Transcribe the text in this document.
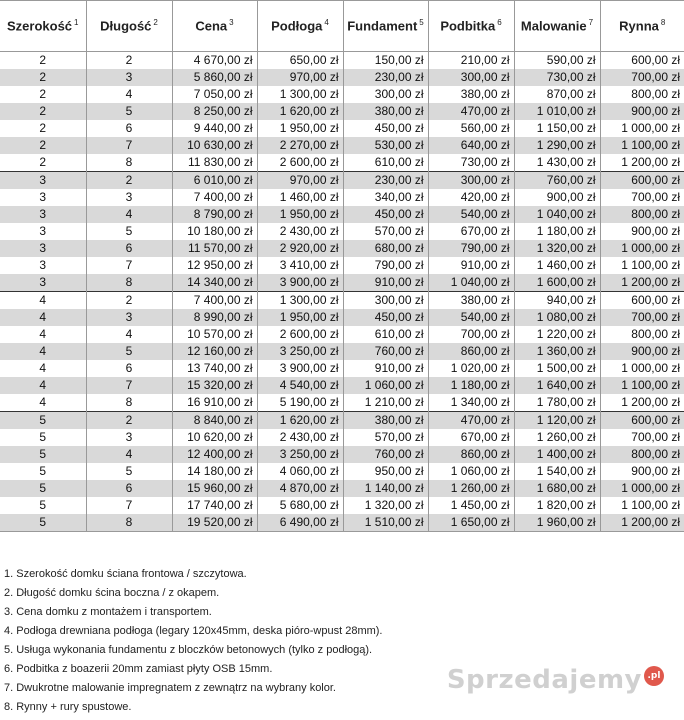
Szerokość $^1$	Długość $^2$	Cena $^3$	Podłoga $^4$	Fundament $^5$	Podbitka $^6$	Malowanie $^7$	Rynna $^8$
2	2	4 670,00 zł	650,00 zł	150,00 zł	210,00 zł	590,00 zł	600,00 zł
2	3	5 860,00 zł	970,00 zł	230,00 zł	300,00 zł	730,00 zł	700,00 zł
2	4	7 050,00 zł	1 300,00 zł	300,00 zł	380,00 zł	870,00 zł	800,00 zł
2	5	8 250,00 zł	1 620,00 zł	380,00 zł	470,00 zł	1 010,00 zł	900,00 zł
2	6	9 440,00 zł	1 950,00 zł	450,00 zł	560,00 zł	1 150,00 zł	1 000,00 zł
2	7	10 630,00 zł	2 270,00 zł	530,00 zł	640,00 zł	1 290,00 zł	1 100,00 zł
2	8	11 830,00 zł	2 600,00 zł	610,00 zł	730,00 zł	1 430,00 zł	1 200,00 zł
3	2	6 010,00 zł	970,00 zł	230,00 zł	300,00 zł	760,00 zł	600,00 zł
3	3	7 400,00 zł	1 460,00 zł	340,00 zł	420,00 zł	900,00 zł	700,00 zł
3	4	8 790,00 zł	1 950,00 zł	450,00 zł	540,00 zł	1 040,00 zł	800,00 zł
3	5	10 180,00 zł	2 430,00 zł	570,00 zł	670,00 zł	1 180,00 zł	900,00 zł
3	6	11 570,00 zł	2 920,00 zł	680,00 zł	790,00 zł	1 320,00 zł	1 000,00 zł
3	7	12 950,00 zł	3 410,00 zł	790,00 zł	910,00 zł	1 460,00 zł	1 100,00 zł
3	8	14 340,00 zł	3 900,00 zł	910,00 zł	1 040,00 zł	1 600,00 zł	1 200,00 zł
4	2	7 400,00 zł	1 300,00 zł	300,00 zł	380,00 zł	940,00 zł	600,00 zł
4	3	8 990,00 zł	1 950,00 zł	450,00 zł	540,00 zł	1 080,00 zł	700,00 zł
4	4	10 570,00 zł	2 600,00 zł	610,00 zł	700,00 zł	1 220,00 zł	800,00 zł
4	5	12 160,00 zł	3 250,00 zł	760,00 zł	860,00 zł	1 360,00 zł	900,00 zł
4	6	13 740,00 zł	3 900,00 zł	910,00 zł	1 020,00 zł	1 500,00 zł	1 000,00 zł
4	7	15 320,00 zł	4 540,00 zł	1 060,00 zł	1 180,00 zł	1 640,00 zł	1 100,00 zł
4	8	16 910,00 zł	5 190,00 zł	1 210,00 zł	1 340,00 zł	1 780,00 zł	1 200,00 zł
5	2	8 840,00 zł	1 620,00 zł	380,00 zł	470,00 zł	1 120,00 zł	600,00 zł
5	3	10 620,00 zł	2 430,00 zł	570,00 zł	670,00 zł	1 260,00 zł	700,00 zł
5	4	12 400,00 zł	3 250,00 zł	760,00 zł	860,00 zł	1 400,00 zł	800,00 zł
5	5	14 180,00 zł	4 060,00 zł	950,00 zł	1 060,00 zł	1 540,00 zł	900,00 zł
5	6	15 960,00 zł	4 870,00 zł	1 140,00 zł	1 260,00 zł	1 680,00 zł	1 000,00 zł
5	7	17 740,00 zł	5 680,00 zł	1 320,00 zł	1 450,00 zł	1 820,00 zł	1 100,00 zł
5	8	19 520,00 zł	6 490,00 zł	1 510,00 zł	1 650,00 zł	1 960,00 zł	1 200,00 zł
1. Szerokość domku ściana frontowa / szczytowa.
2. Długość domku ścina boczna / z okapem.
3. Cena domku z montażem i transportem.
4. Podłoga drewniana podłoga (legary 120x45mm, deska pióro-wpust 28mm).
5. Usługa wykonania fundamentu z bloczków betonowych (tylko z podłogą).
6. Podbitka z boazerii 20mm zamiast płyty OSB 15mm.
7. Dwukrotne malowanie impregnatem z zewnątrz na wybrany kolor.
8. Rynny + rury spustowe.
Sprzedajemy .pl
